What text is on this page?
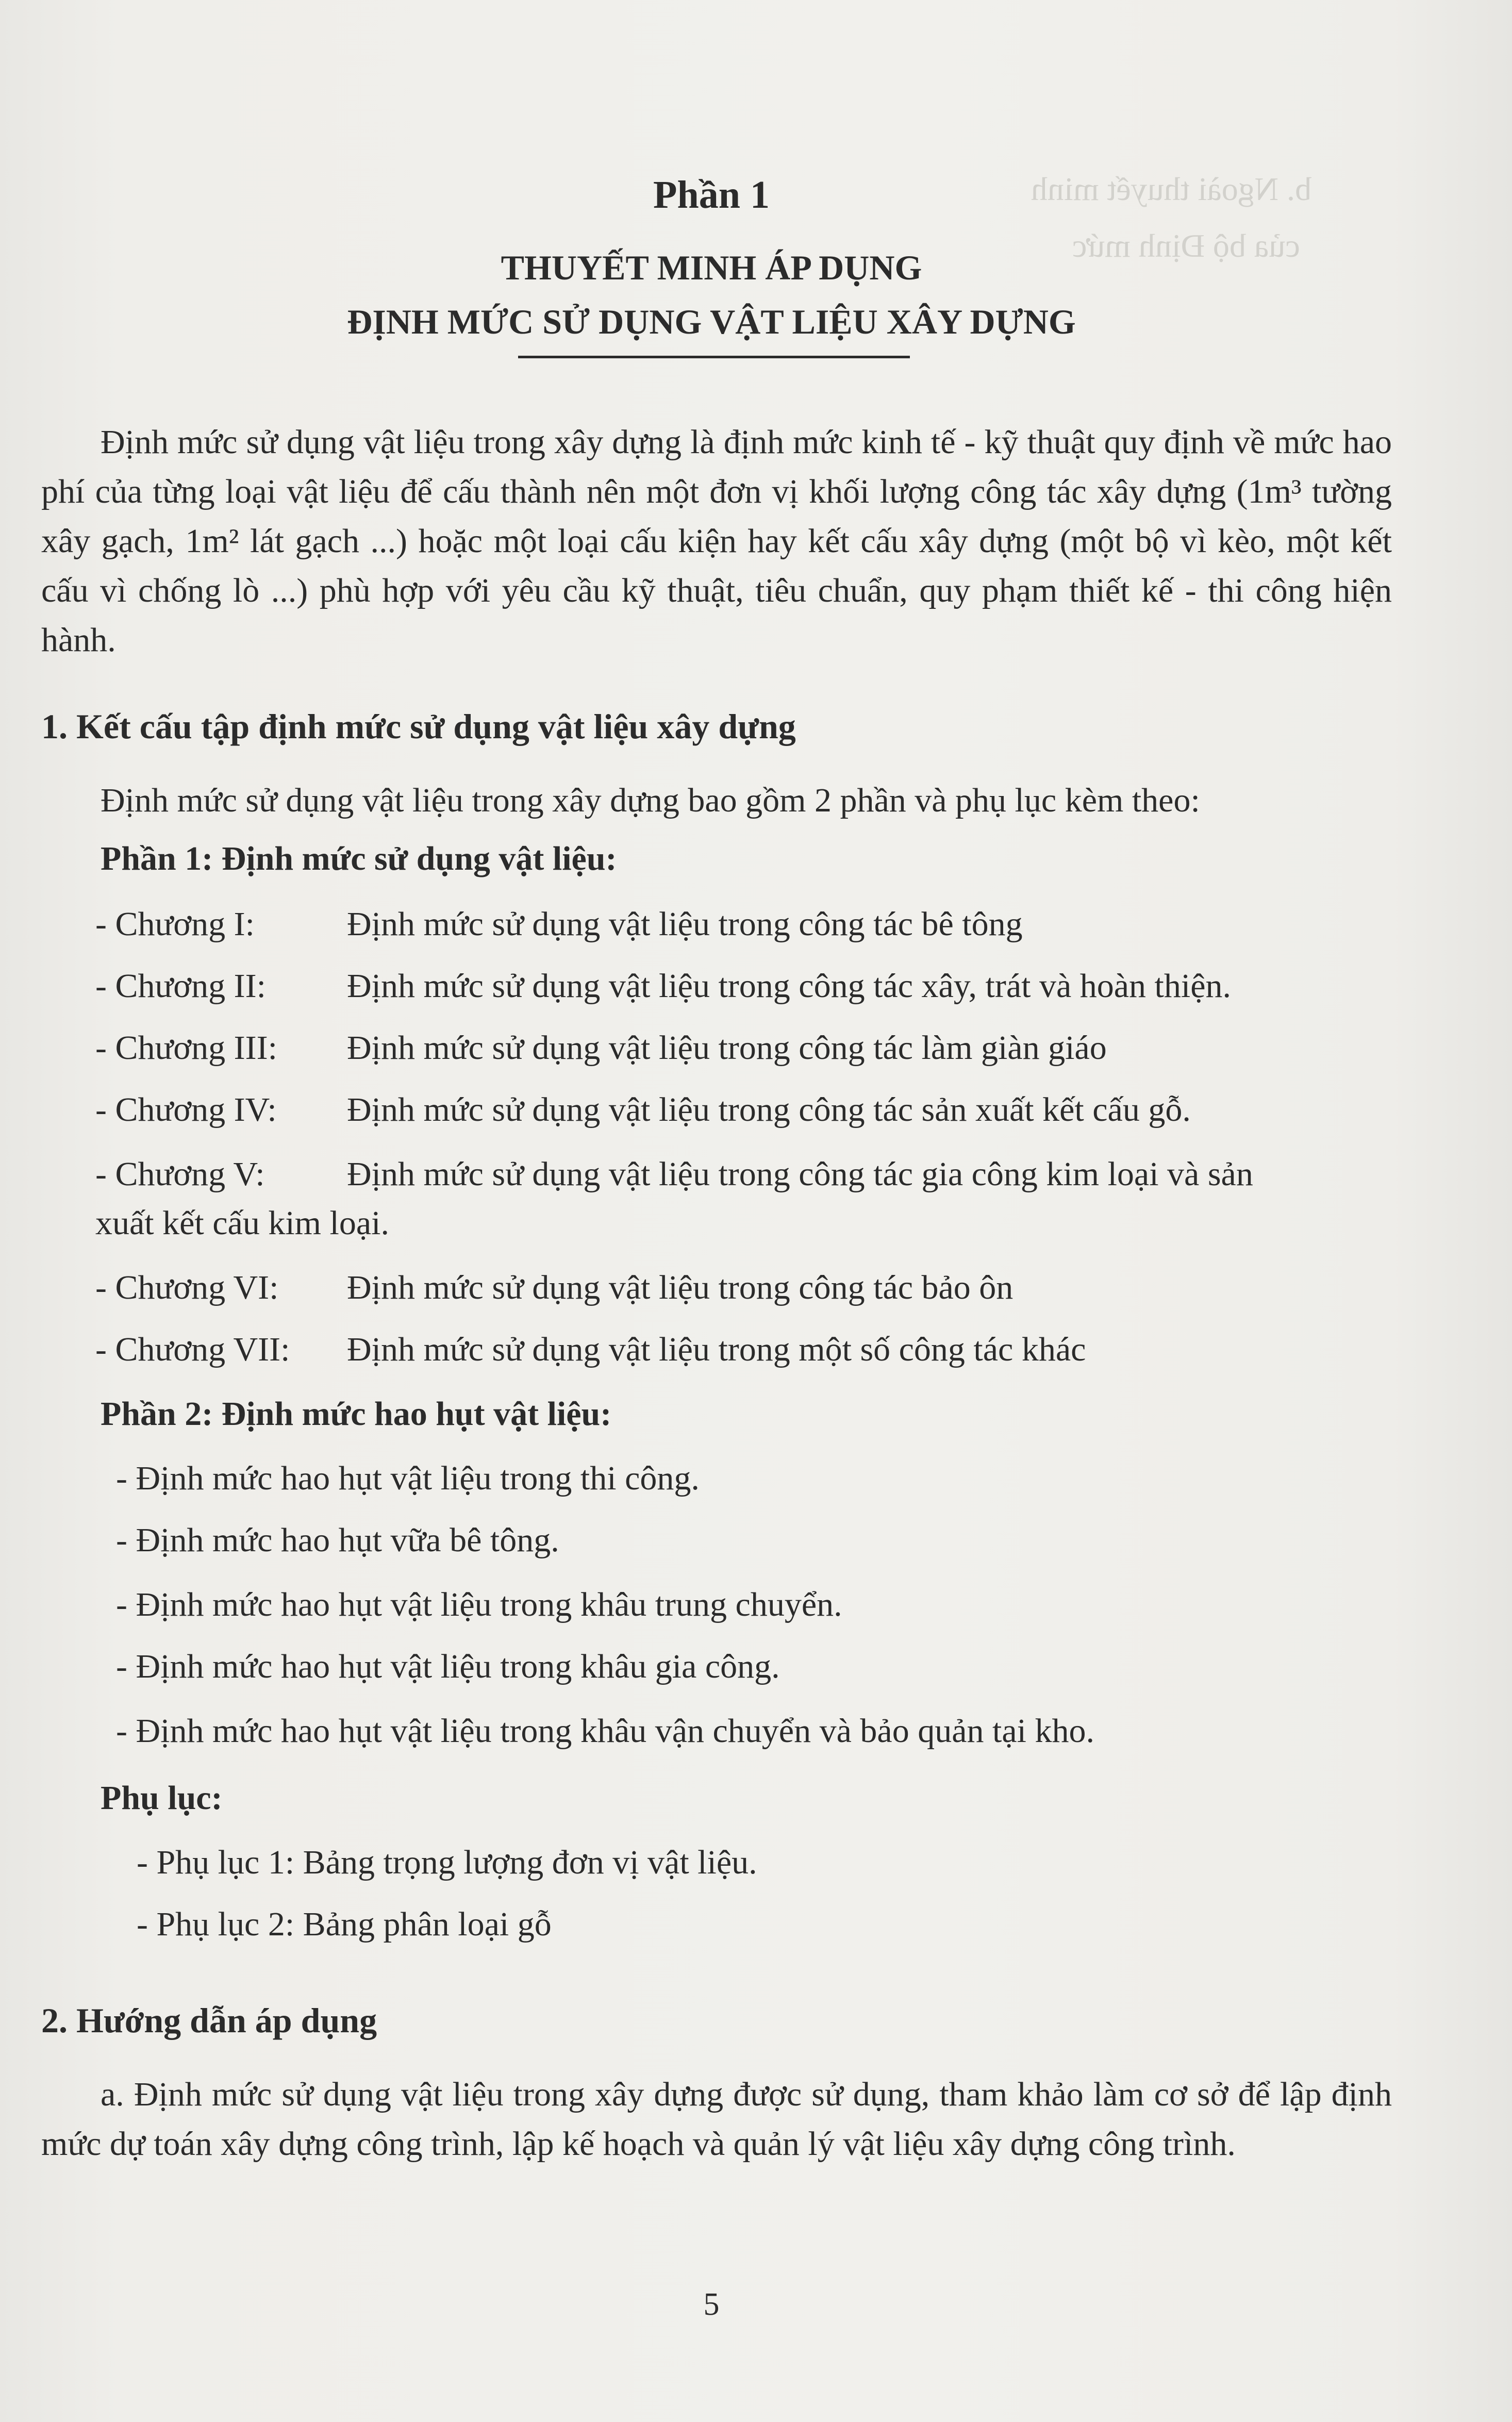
b. Ngoài thuyết minh
của bộ Định mức
Phần 1
THUYẾT MINH ÁP DỤNG
ĐỊNH MỨC SỬ DỤNG VẬT LIỆU XÂY DỰNG
Định mức sử dụng vật liệu trong xây dựng là định mức kinh tế - kỹ thuật quy định về mức hao phí của từng loại vật liệu để cấu thành nên một đơn vị khối lượng công tác xây dựng (1m³ tường xây gạch, 1m² lát gạch ...) hoặc một loại cấu kiện hay kết cấu xây dựng (một bộ vì kèo, một kết cấu vì chống lò ...) phù hợp với yêu cầu kỹ thuật, tiêu chuẩn, quy phạm thiết kế - thi công hiện hành.
1. Kết cấu tập định mức sử dụng vật liệu xây dựng
Định mức sử dụng vật liệu trong xây dựng bao gồm 2 phần và phụ lục kèm theo:
Phần 1: Định mức sử dụng vật liệu:
- Chương I:	Định mức sử dụng vật liệu trong công tác bê tông
- Chương II: Định mức sử dụng vật liệu trong công tác xây, trát và hoàn thiện.
- Chương III: Định mức sử dụng vật liệu trong công tác làm giàn giáo
- Chương IV: Định mức sử dụng vật liệu trong công tác sản xuất kết cấu gỗ.
- Chương V: Định mức sử dụng vật liệu trong công tác gia công kim loại và sản
xuất kết cấu kim loại.
- Chương VI: Định mức sử dụng vật liệu trong công tác bảo ôn
- Chương VII: Định mức sử dụng vật liệu trong một số công tác khác
Phần 2: Định mức hao hụt vật liệu:
- Định mức hao hụt vật liệu trong thi công.
- Định mức hao hụt vữa bê tông.
- Định mức hao hụt vật liệu trong khâu trung chuyển.
- Định mức hao hụt vật liệu trong khâu gia công.
- Định mức hao hụt vật liệu trong khâu vận chuyển và bảo quản tại kho.
Phụ lục:
- Phụ lục 1: Bảng trọng lượng đơn vị vật liệu.
- Phụ lục 2: Bảng phân loại gỗ
2. Hướng dẫn áp dụng
a. Định mức sử dụng vật liệu trong xây dựng được sử dụng, tham khảo làm cơ sở để lập định mức dự toán xây dựng công trình, lập kế hoạch và quản lý vật liệu xây dựng công trình.
5
